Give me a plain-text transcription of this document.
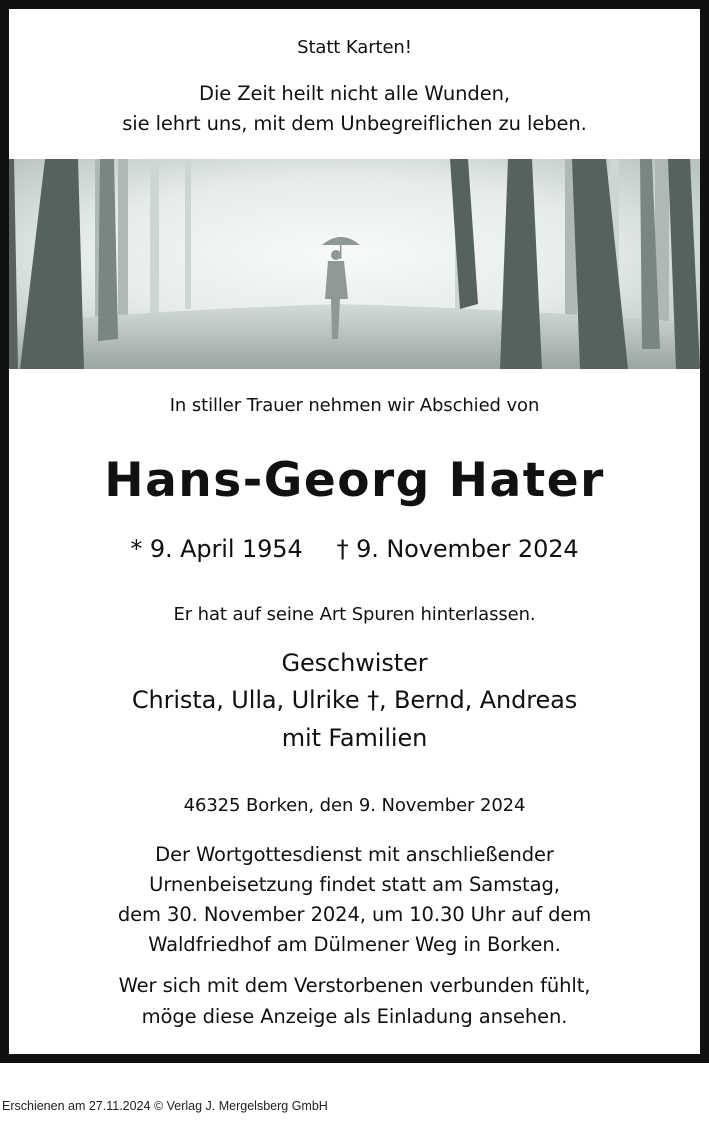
Statt Karten!
Die Zeit heilt nicht alle Wunden,
sie lehrt uns, mit dem Unbegreiflichen zu leben.
In stiller Trauer nehmen wir Abschied von
Hans-Georg Hater
* 9. April 1954 † 9. November 2024
Er hat auf seine Art Spuren hinterlassen.
Geschwister
Christa, Ulla, Ulrike †, Bernd, Andreas
mit Familien
46325 Borken, den 9. November 2024
Der Wortgottesdienst mit anschließender
Urnenbeisetzung findet statt am Samstag,
dem 30. November 2024, um 10.30 Uhr auf dem
Waldfriedhof am Dülmener Weg in Borken.
Wer sich mit dem Verstorbenen verbunden fühlt,
möge diese Anzeige als Einladung ansehen.
Erschienen am 27.11.2024 © Verlag J. Mergelsberg GmbH
